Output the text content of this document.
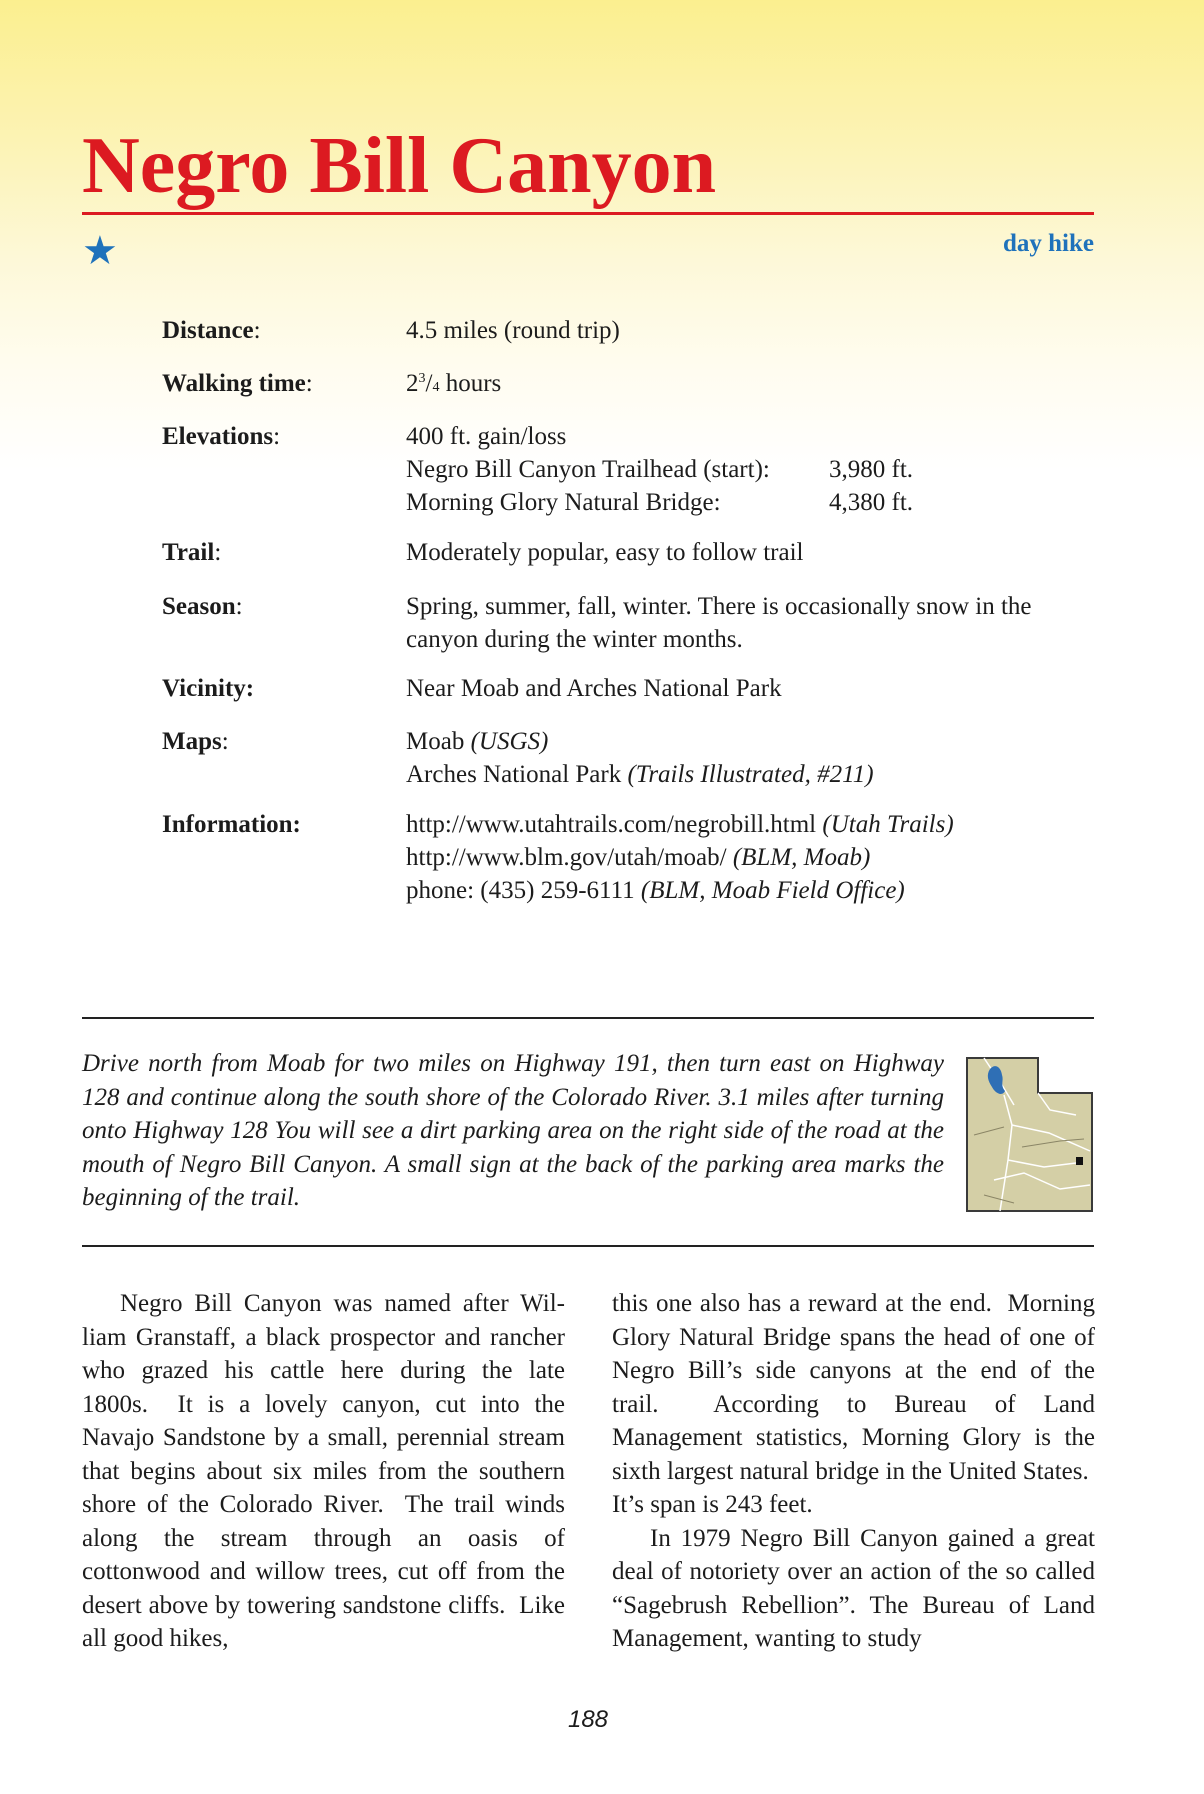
Negro Bill Canyon
★	day hike
Distance:	4.5 miles (round trip)
Walking time:	$2^3/4$ hours
Elevations:	400 ft. gain/loss
Negro Bill Canyon Trailhead (start): 3,980 ft.
Morning Glory Natural Bridge:	4,380 ft.
Trail:	Moderately popular, easy to follow trail
Season:	Spring, summer, fall, winter. There is occasionally snow in the canyon during the winter months.
Vicinity:	Near Moab and Arches National Park
Maps:	Moab (USGS)
Arches National Park (Trails Illustrated, #211)
Information:	http://www.utahtrails.com/negrobill.html (Utah Trails)
http://www.blm.gov/utah/moab/ (BLM, Moab)
phone: (435) 259-6111 (BLM, Moab Field Office)

Drive north from Moab for two miles on Highway 191, then turn east on Highway 128 and continue along the south shore of the Colorado River. 3.1 miles after turning onto Highway 128 You will see a dirt parking area on the right side of the road at the mouth of Negro Bill Canyon. A small sign at the back of the parking area marks the beginning of the trail.

Negro Bill Canyon was named after William Granstaff, a black prospector and rancher who grazed his cattle here during the late 1800s.  It is a lovely canyon, cut into the Navajo Sandstone by a small, perennial stream that begins about six miles from the southern shore of the Colorado River.  The trail winds along the stream through an oasis of cottonwood and willow trees, cut off from the desert above by towering sandstone cliffs.  Like all good hikes,

this one also has a reward at the end.  Morning Glory Natural Bridge spans the head of one of Negro Bill’s side canyons at the end of the trail.  According to Bureau of Land Management statistics, Morning Glory is the sixth largest natural bridge in the United States.  It’s span is 243 feet.

In 1979 Negro Bill Canyon gained a great deal of notoriety over an action of the so called “Sagebrush Rebellion”. The Bureau of Land Management, wanting to study

188
